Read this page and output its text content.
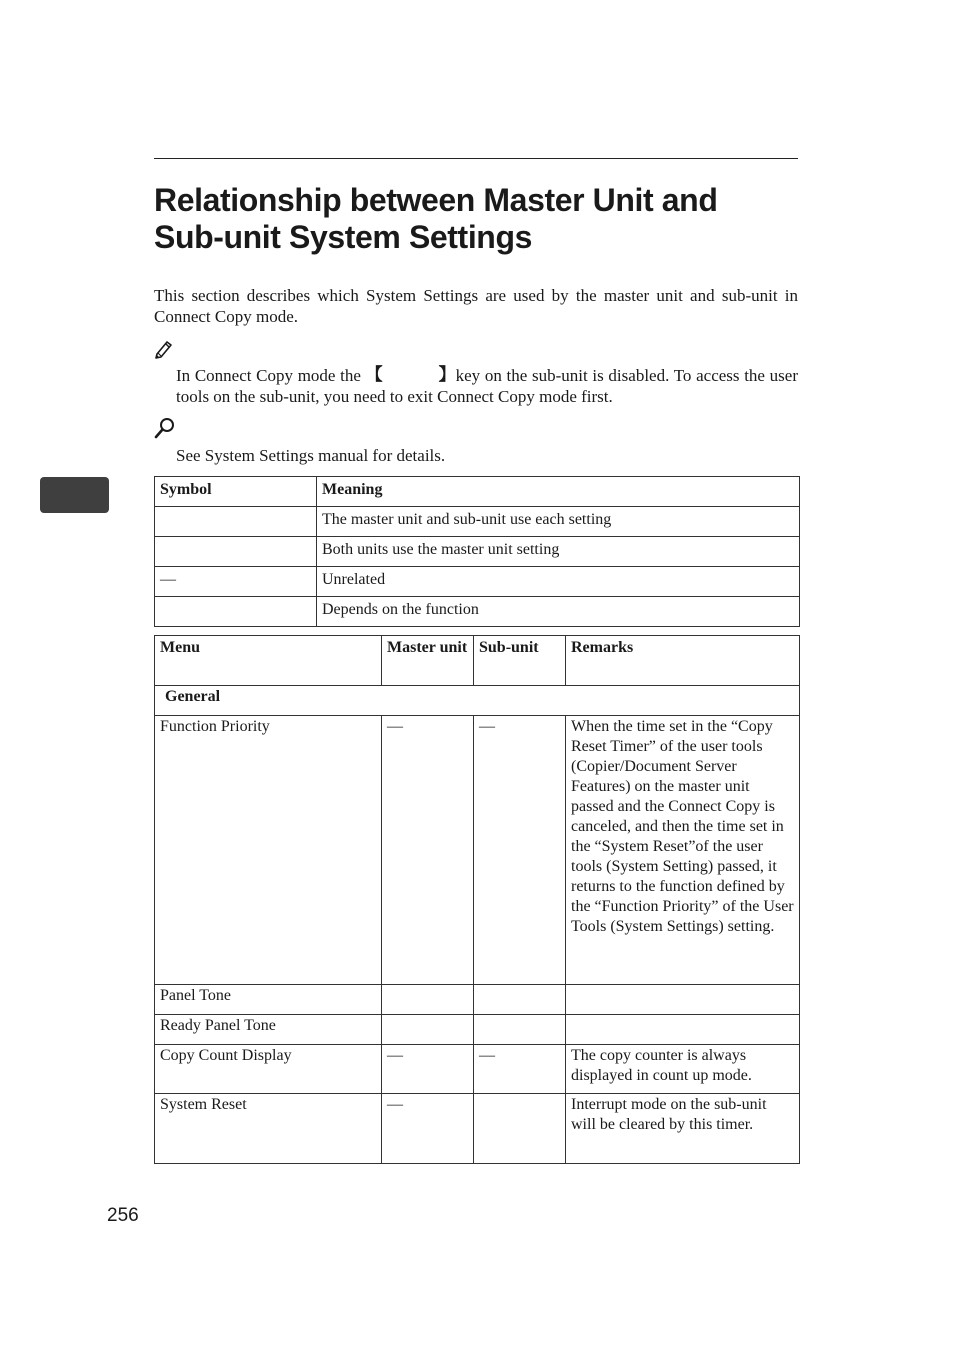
Relationship between Master Unit and
Sub-unit System Settings

This section describes which System Settings are used by the master unit and sub-unit in Connect Copy mode.

In Connect Copy mode the 【	】 key on the sub-unit is disabled. To access the user tools on the sub-unit, you need to exit Connect Copy mode first.

See System Settings manual for details.

Symbol	Meaning
	The master unit and sub-unit use each setting
	Both units use the master unit setting
—	Unrelated
	Depends on the function
Menu	Master unit	Sub-unit	Remarks
General			
Function Priority	—	—	When the time set in the “Copy Reset Timer” of the user tools (Copier/Document Server Features) on the master unit passed and the Connect Copy is canceled, and then the time set in the “System Reset”of the user tools (System Setting) passed, it returns to the function defined by the “Function Priority” of the User Tools (System Settings) setting.
Panel Tone			
Ready Panel Tone			
Copy Count Display	—	—	The copy counter is always displayed in count up mode.
System Reset	—		Interrupt mode on the sub-unit will be cleared by this timer.

256
